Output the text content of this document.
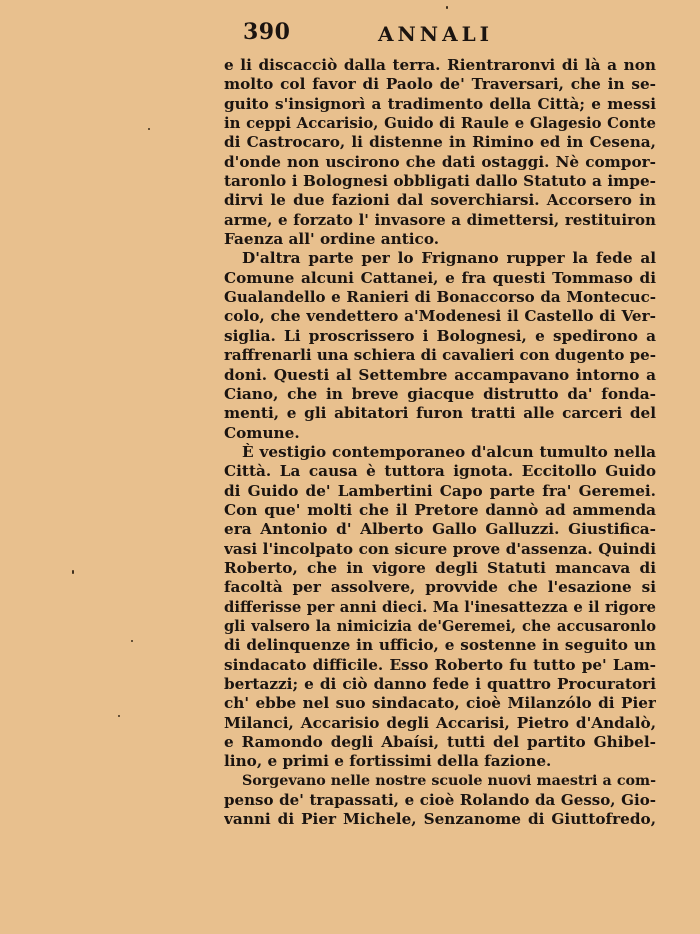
390	ANNALI
e li discacciò dalla terra. Rientraronvi di là a non
molto col favor di Paolo de' Traversari, che in se-
guito s'insignorì a tradimento della Città; e messi
in ceppi Accarisio, Guido di Raule e Glagesio Conte
di Castrocaro, li distenne in Rimino ed in Cesena,
d'onde non uscirono che dati ostaggi. Nè compor-
taronlo i Bolognesi obbligati dallo Statuto a impe-
dirvi le due fazioni dal soverchiarsi. Accorsero in
arme, e forzato l' invasore a dimettersi, restituiron
Faenza all' ordine antico.
D'altra parte per lo Frignano rupper la fede al
Comune alcuni Cattanei, e fra questi Tommaso di
Gualandello e Ranieri di Bonaccorso da Montecuc-
colo, che vendettero a'Modenesi il Castello di Ver-
siglia. Li proscrissero i Bolognesi, e spedirono a
raffrenarli una schiera di cavalieri con dugento pe-
doni. Questi al Settembre accampavano intorno a
Ciano, che in breve giacque distrutto da' fonda-
menti, e gli abitatori furon tratti alle carceri del
Comune.
È vestigio contemporaneo d'alcun tumulto nella
Città. La causa è tuttora ignota. Eccitollo Guido
di Guido de' Lambertini Capo parte fra' Geremei.
Con que' molti che il Pretore dannò ad ammenda
era Antonio d' Alberto Gallo Galluzzi. Giustifica-
vasi l'incolpato con sicure prove d'assenza. Quindi
Roberto, che in vigore degli Statuti mancava di
facoltà per assolvere, provvide che l'esazione si
differisse per anni dieci. Ma l'inesattezza e il rigore
gli valsero la nimicizia de'Geremei, che accusaronlo
di delinquenze in ufficio, e sostenne in seguito un
sindacato difficile. Esso Roberto fu tutto pe' Lam-
bertazzi; e di ciò danno fede i quattro Procuratori
ch' ebbe nel suo sindacato, cioè Milanzólo di Pier
Milanci, Accarisio degli Accarisi, Pietro d'Andalò,
e Ramondo degli Abaísi, tutti del partito Ghibel-
lino, e primi e fortissimi della fazione.
Sorgevano nelle nostre scuole nuovi maestri a com-
penso de' trapassati, e cioè Rolando da Gesso, Gio-
vanni di Pier Michele, Senzanome di Giuttofredo,
